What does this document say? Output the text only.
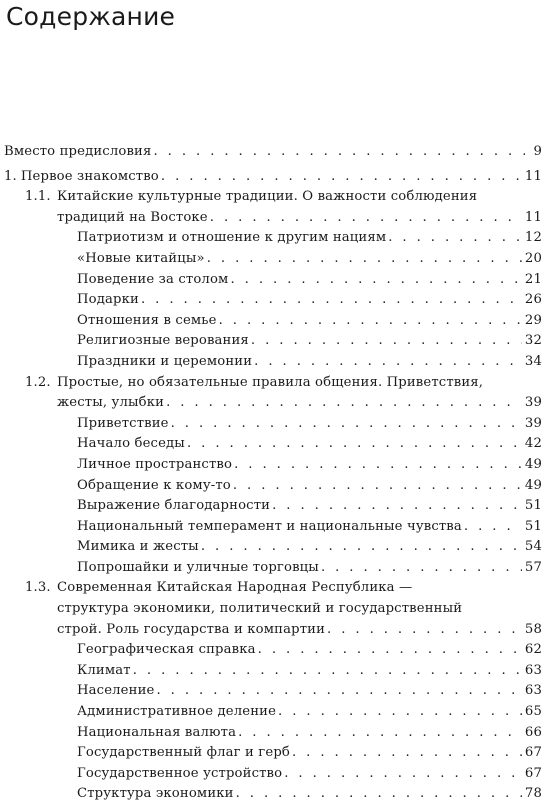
Содержание
Вместо предисловия . . .	9
1. Первое знакомство . . .	11
1.1. Китайские культурные традиции. О важности соблюдения
традиций на Востоке . . .	11
Патриотизм и отношение к другим нациям . . .	12
«Новые китайцы» . . .	20
Поведение за столом . . .	21
Подарки . . .	26
Отношения в семье . . .	29
Религиозные верования . . .	32
Праздники и церемонии . . .	34
1.2. Простые, но обязательные правила общения. Приветствия,
жесты, улыбки . . .	39
Приветствие . . .	39
Начало беседы . . .	42
Личное пространство . . .	49
Обращение к кому-то . . .	49
Выражение благодарности . . .	51
Национальный темперамент и национальные чувства . . .	51
Мимика и жесты . . .	54
Попрошайки и уличные торговцы . . .	57
1.3. Современная Китайская Народная Республика —
структура экономики, политический и государственный
строй. Роль государства и компартии . . .	58
Географическая справка . . .	62
Климат . . .	63
Население . . .	63
Административное деление . . .	65
Национальная валюта . . .	66
Государственный флаг и герб . . .	67
Государственное устройство . . .	67
Структура экономики . . .	78
